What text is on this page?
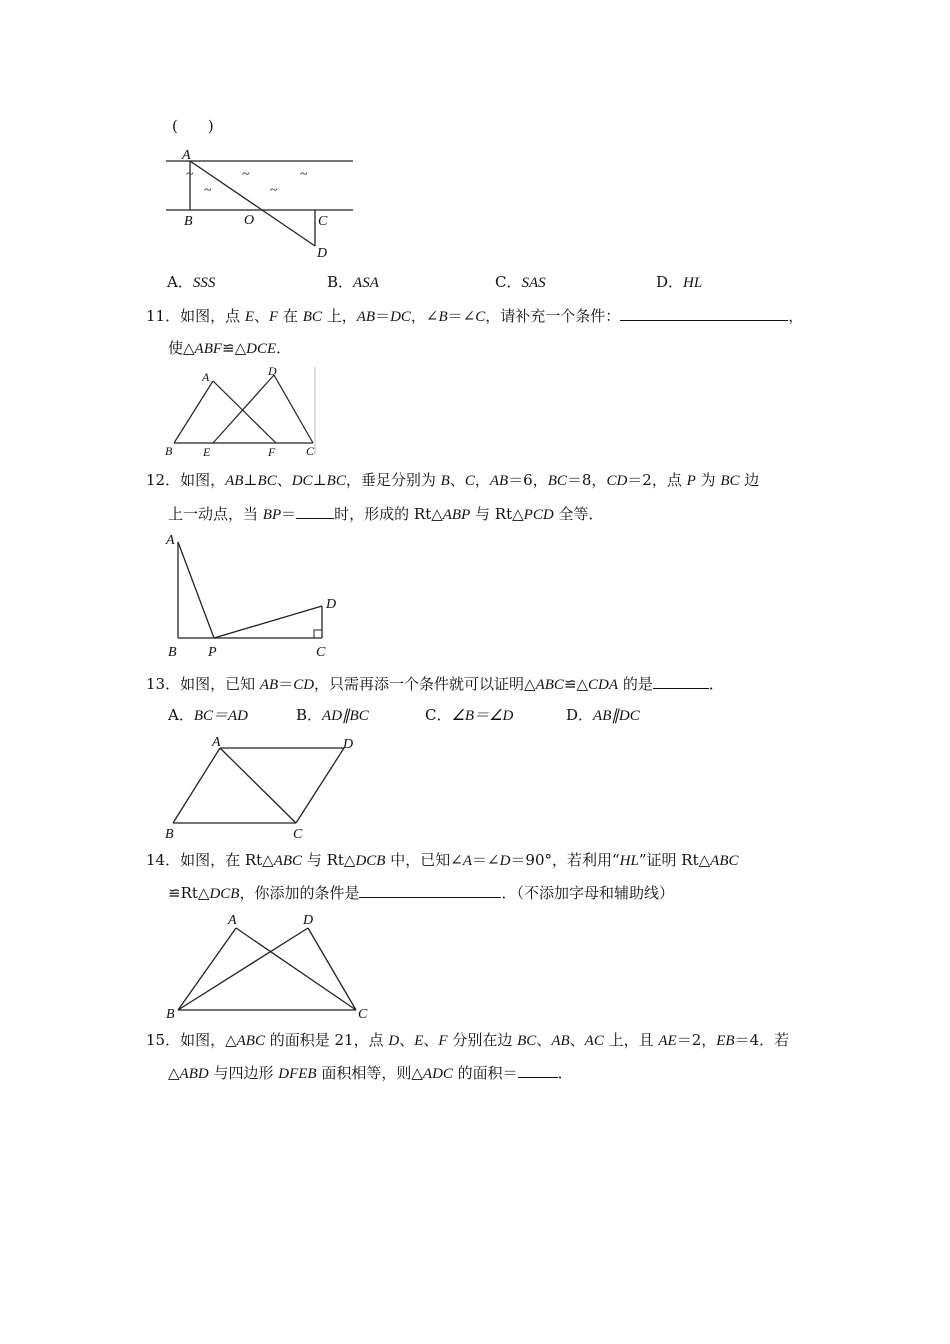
(　　)
A
B	O	C
D
~	~	~
~	~
A．SSS	B．ASA	C．SAS	D．HL
11．如图，点 E、F 在 BC 上，AB＝DC，∠B＝∠C，请补充一个条件：	，
使△ABF≌△DCE．
A	D
B	E	F	C
12．如图，AB⊥BC、DC⊥BC，垂足分别为 B、C，AB＝6，BC＝8，CD＝2，点 P 为 BC 边
上一动点，当 BP＝	时，形成的 Rt△ABP 与 Rt△PCD 全等．
A
B P	C
D
13．如图，已知 AB＝CD，只需再添一个条件就可以证明△ABC≌△CDA 的是	．
A．BC＝AD	B．AD∥BC	C．∠B＝∠D	D．AB∥DC
A	D
B	C
14．如图，在 Rt△ABC 与 Rt△DCB 中，已知∠A＝∠D＝90°，若利用“HL”证明 Rt△ABC
≌Rt△DCB，你添加的条件是	．（不添加字母和辅助线）
A	D
B	C
15．如图，△ABC 的面积是 21，点 D、E、F 分别在边 BC、AB、AC 上，且 AE＝2，EB＝4．若
△ABD 与四边形 DFEB 面积相等，则△ADC 的面积＝	．
